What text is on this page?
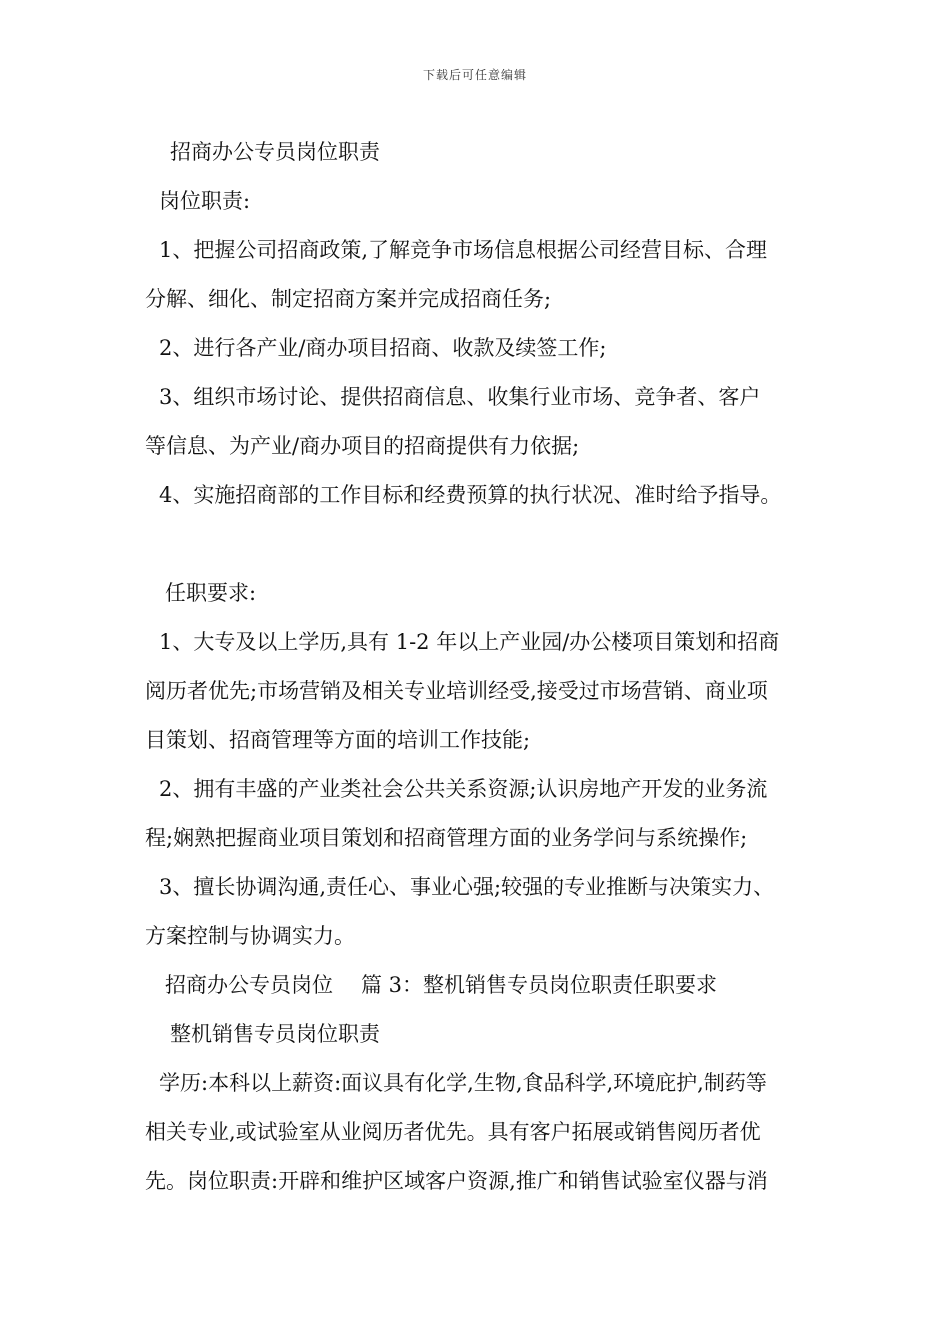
下载后可任意编辑
招商办公专员岗位职责
岗位职责:
1、把握公司招商政策,了解竞争市场信息根据公司经营目标、合理
分解、细化、制定招商方案并完成招商任务;
2、进行各产业/商办项目招商、收款及续签工作;
3、组织市场讨论、提供招商信息、收集行业市场、竞争者、客户
等信息、为产业/商办项目的招商提供有力依据;
4、实施招商部的工作目标和经费预算的执行状况、准时给予指导。
任职要求:
1、大专及以上学历,具有 1-2 年以上产业园/办公楼项目策划和招商
阅历者优先;市场营销及相关专业培训经受,接受过市场营销、商业项
目策划、招商管理等方面的培训工作技能;
2、拥有丰盛的产业类社会公共关系资源;认识房地产开发的业务流
程;娴熟把握商业项目策划和招商管理方面的业务学问与系统操作;
3、擅长协调沟通,责任心、事业心强;较强的专业推断与决策实力、
方案控制与协调实力。
招商办公专员岗位 篇 3：整机销售专员岗位职责任职要求
整机销售专员岗位职责
学历:本科以上薪资:面议具有化学,生物,食品科学,环境庇护,制药等
相关专业,或试验室从业阅历者优先。具有客户拓展或销售阅历者优
先。岗位职责:开辟和维护区域客户资源,推广和销售试验室仪器与消
